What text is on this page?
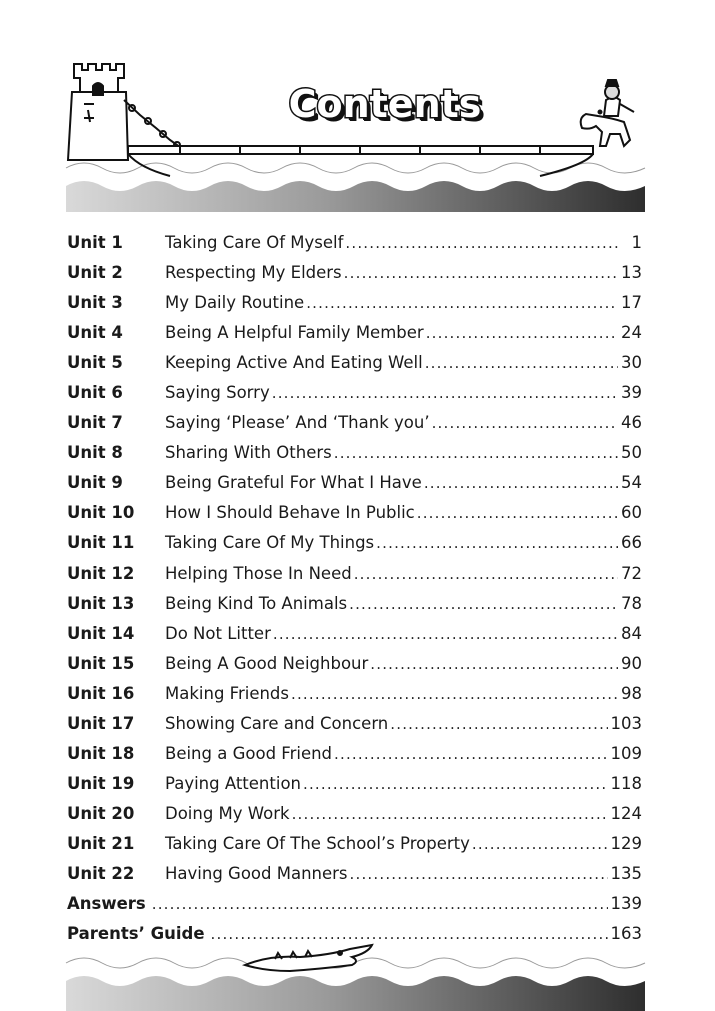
Contents
Unit 1	Taking Care Of Myself .....	1
Unit 2	Respecting My Elders .....	13
Unit 3	My Daily Routine .....	17
Unit 4	Being A Helpful Family Member .....	24
Unit 5	Keeping Active And Eating Well .....	30
Unit 6	Saying Sorry .....	39
Unit 7	Saying ‘Please’ And ‘Thank you’ .....	46
Unit 8	Sharing With Others .....	50
Unit 9	Being Grateful For What I Have .....	54
Unit 10	How I Should Behave In Public .....	60
Unit 11	Taking Care Of My Things .....	66
Unit 12	Helping Those In Need .....	72
Unit 13	Being Kind To Animals .....	78
Unit 14	Do Not Litter .....	84
Unit 15	Being A Good Neighbour .....	90
Unit 16	Making Friends .....	98
Unit 17	Showing Care and Concern .....	103
Unit 18	Being a Good Friend .....	109
Unit 19	Paying Attention .....	118
Unit 20	Doing My Work .....	124
Unit 21	Taking Care Of The School’s Property .....	129
Unit 22	Having Good Manners .....	135
Answers .....	139
Parents’ Guide .....	163
